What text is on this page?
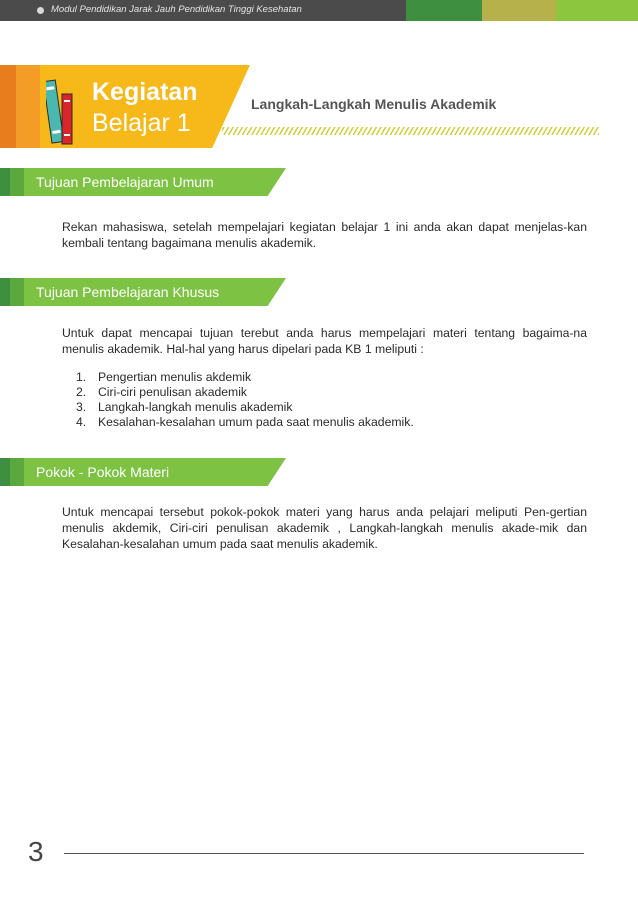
Modul Pendidikan Jarak Jauh Pendidikan Tinggi Kesehatan
Kegiatan
Belajar 1
Langkah-Langkah Menulis Akademik
Tujuan Pembelajaran Umum

Rekan mahasiswa, setelah mempelajari kegiatan belajar 1 ini anda akan dapat menjelas-kan kembali tentang bagaimana menulis akademik.

Tujuan Pembelajaran Khusus

Untuk dapat mencapai tujuan terebut anda harus mempelajari materi tentang bagaima-na menulis akademik. Hal-hal yang harus dipelari pada KB 1 meliputi :

1. Pengertian menulis akdemik
2. Ciri-ciri penulisan akademik
3. Langkah-langkah menulis akademik
4. Kesalahan-kesalahan umum pada saat menulis akademik.
Pokok - Pokok Materi

Untuk mencapai tersebut pokok-pokok materi yang harus anda pelajari meliputi Pen-gertian menulis akdemik, Ciri-ciri penulisan akademik , Langkah-langkah menulis akade-mik dan Kesalahan-kesalahan umum pada saat menulis akademik.

3
